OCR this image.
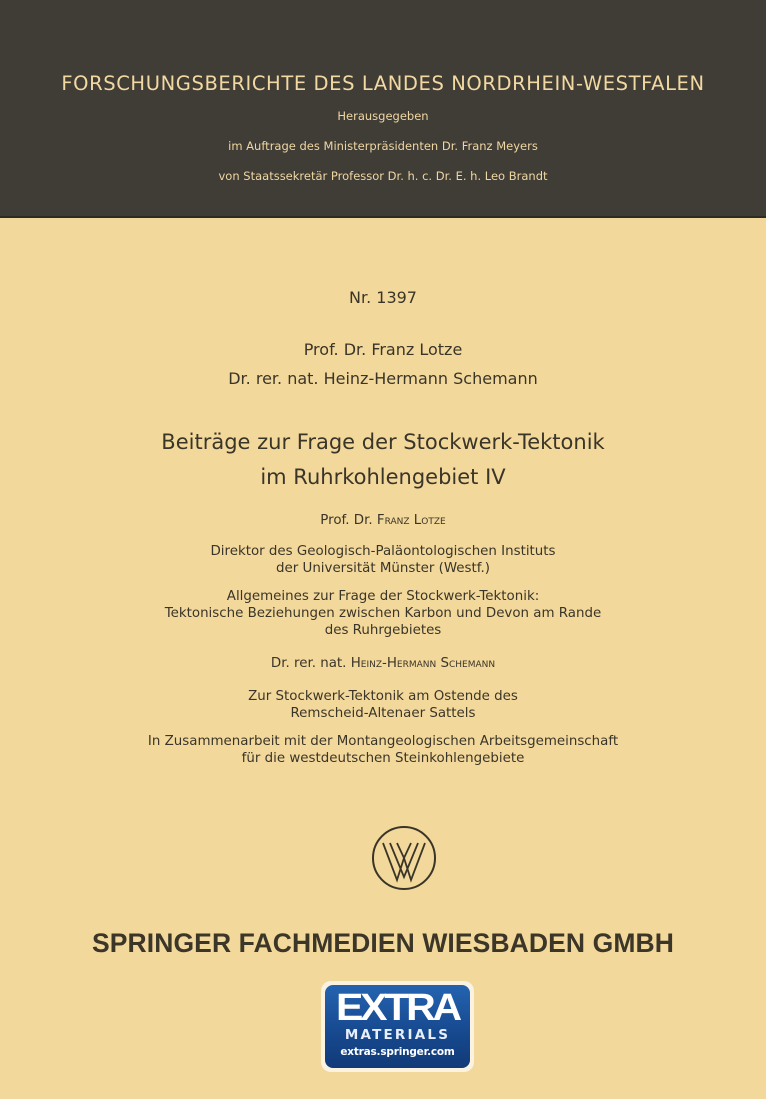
FORSCHUNGSBERICHTE DES LANDES NORDRHEIN-WESTFALEN
Herausgegeben
im Auftrage des Ministerpräsidenten Dr. Franz Meyers
von Staatssekretär Professor Dr. h. c. Dr. E. h. Leo Brandt
Nr. 1397
Prof. Dr. Franz Lotze
Dr. rer. nat. Heinz-Hermann Schemann
Beiträge zur Frage der Stockwerk-Tektonik
im Ruhrkohlengebiet IV
Prof. Dr. Franz Lotze
Direktor des Geologisch-Paläontologischen Instituts
der Universität Münster (Westf.)
Allgemeines zur Frage der Stockwerk-Tektonik:
Tektonische Beziehungen zwischen Karbon und Devon am Rande
des Ruhrgebietes
Dr. rer. nat. Heinz-Hermann Schemann
Zur Stockwerk-Tektonik am Ostende des
Remscheid-Altenaer Sattels
In Zusammenarbeit mit der Montangeologischen Arbeitsgemeinschaft
für die westdeutschen Steinkohlengebiete
SPRINGER FACHMEDIEN WIESBADEN GMBH
EXTRA
MATERIALS
extras.springer.com
